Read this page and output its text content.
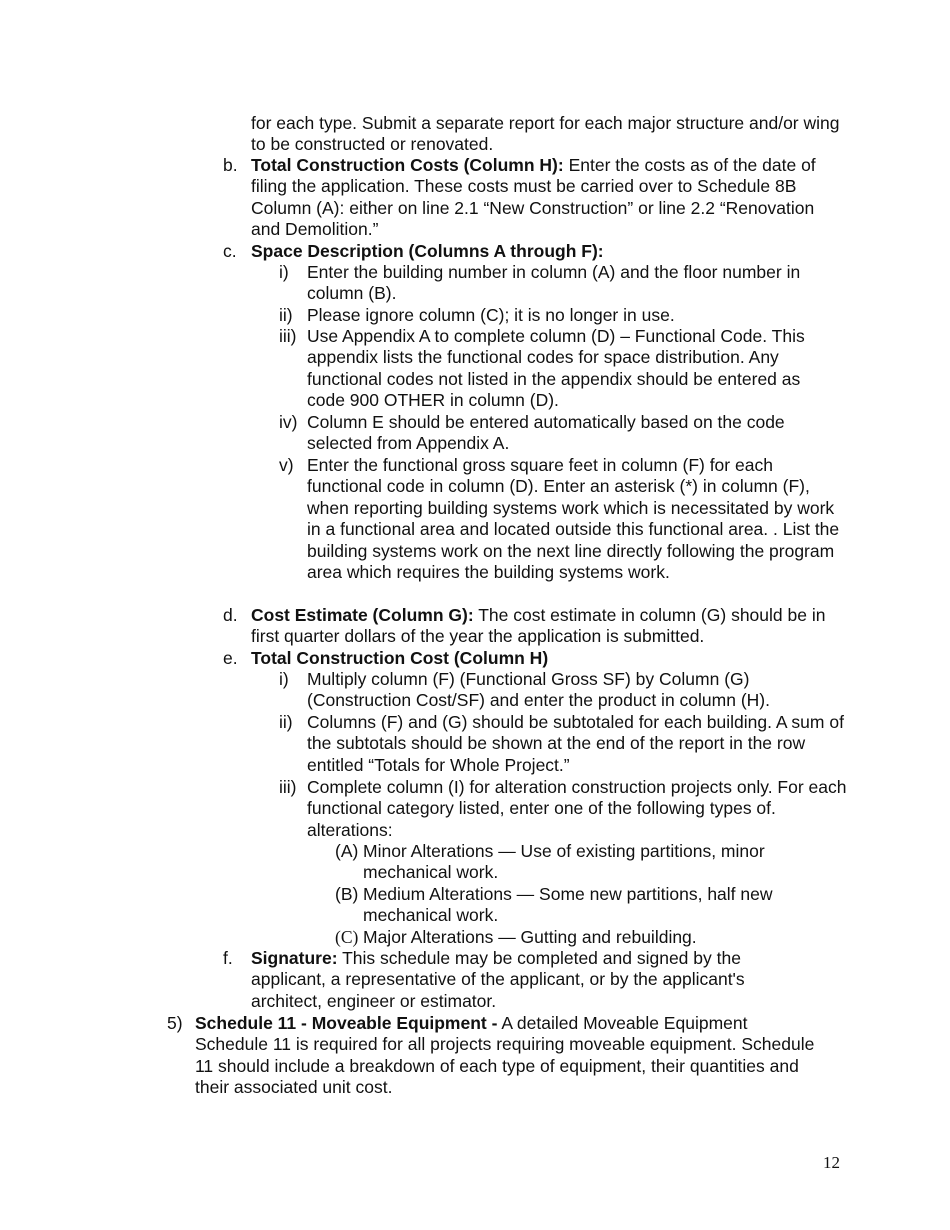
for each type. Submit a separate report for each major structure and/or wing to be constructed or renovated.
b. Total Construction Costs (Column H): Enter the costs as of the date of filing the application. These costs must be carried over to Schedule 8B Column (A): either on line 2.1 “New Construction” or line 2.2 “Renovation and Demolition.”
c. Space Description (Columns A through F):
i) Enter the building number in column (A) and the floor number in column (B).
ii) Please ignore column (C); it is no longer in use.
iii) Use Appendix A to complete column (D) – Functional Code. This appendix lists the functional codes for space distribution. Any functional codes not listed in the appendix should be entered as code 900 OTHER in column (D).
iv) Column E should be entered automatically based on the code selected from Appendix A.
v) Enter the functional gross square feet in column (F) for each functional code in column (D). Enter an asterisk (*) in column (F), when reporting building systems work which is necessitated by work in a functional area and located outside this functional area. . List the building systems work on the next line directly following the program area which requires the building systems work.
d. Cost Estimate (Column G): The cost estimate in column (G) should be in first quarter dollars of the year the application is submitted.
e. Total Construction Cost (Column H)
i) Multiply column (F) (Functional Gross SF) by Column (G) (Construction Cost/SF) and enter the product in column (H).
ii) Columns (F) and (G) should be subtotaled for each building. A sum of the subtotals should be shown at the end of the report in the row entitled “Totals for Whole Project.”
iii) Complete column (I) for alteration construction projects only. For each functional category listed, enter one of the following types of. alterations:
(A) Minor Alterations — Use of existing partitions, minor mechanical work.
(B) Medium Alterations — Some new partitions, half new mechanical work.
(C) Major Alterations — Gutting and rebuilding.
f. Signature: This schedule may be completed and signed by the applicant, a representative of the applicant, or by the applicant's architect, engineer or estimator.
5) Schedule 11 - Moveable Equipment - A detailed Moveable Equipment Schedule 11 is required for all projects requiring moveable equipment. Schedule 11 should include a breakdown of each type of equipment, their quantities and their associated unit cost.
12
